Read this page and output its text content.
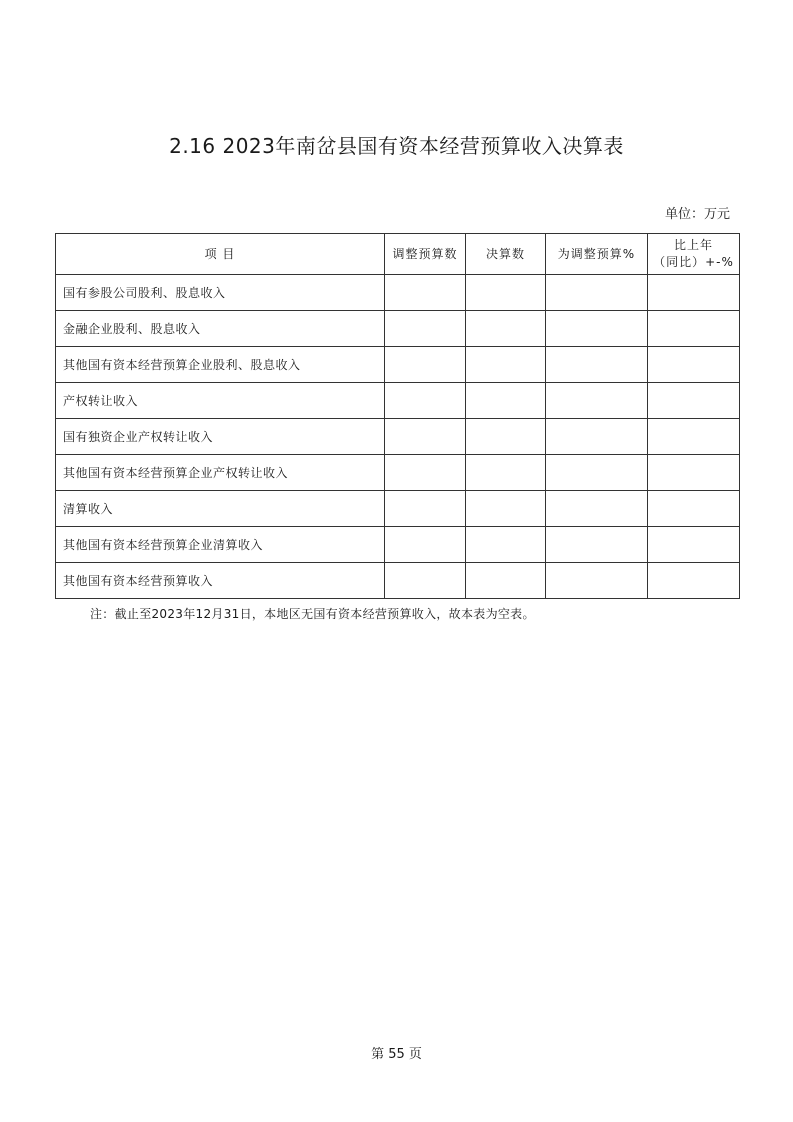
2.16 2023年南岔县国有资本经营预算收入决算表
单位：万元
项 目	调整预算数	决算数	为调整预算%	比上年
（同比）+-%

国有参股公司股利、股息收入				
金融企业股利、股息收入				
其他国有资本经营预算企业股利、股息收入				
产权转让收入				
国有独资企业产权转让收入				
其他国有资本经营预算企业产权转让收入				
清算收入				
其他国有资本经营预算企业清算收入				
其他国有资本经营预算收入				
注：截止至2023年12月31日，本地区无国有资本经营预算收入，故本表为空表。
第 55 页
